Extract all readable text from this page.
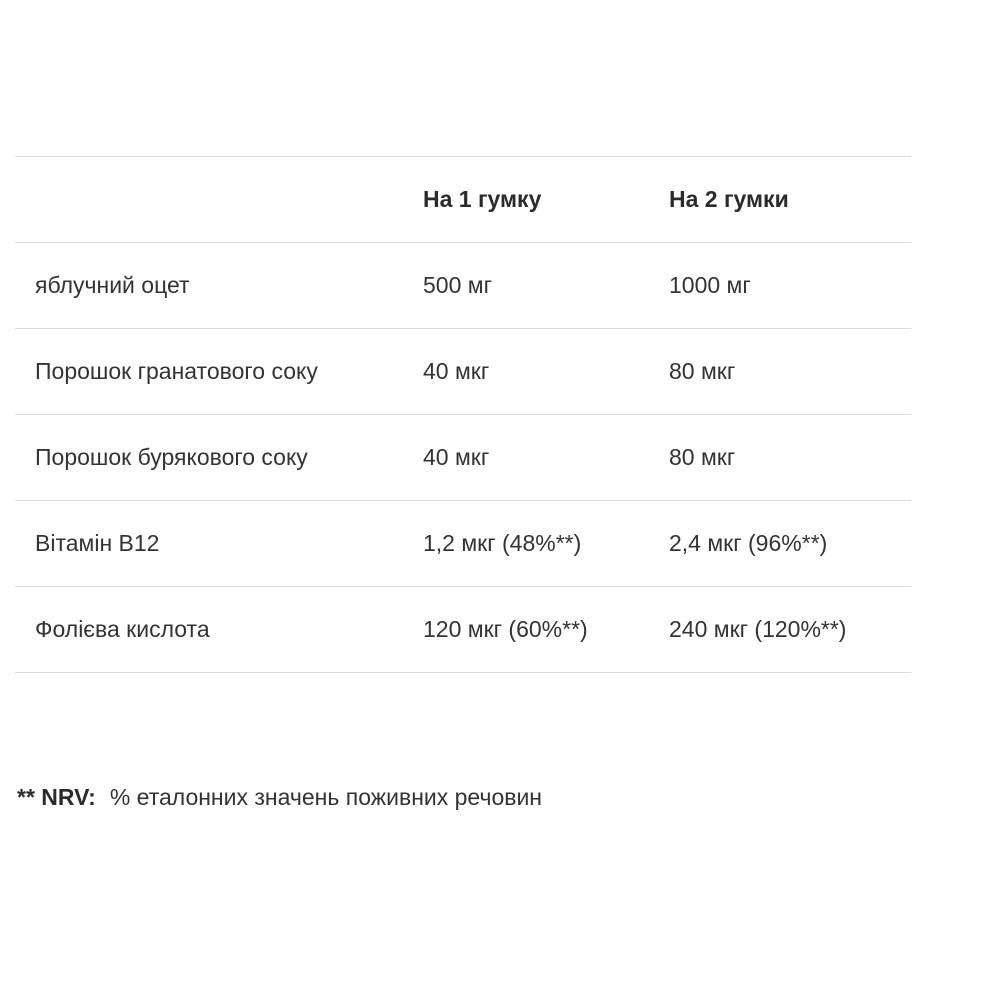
	На 1 гумку	На 2 гумки
яблучний оцет	500 мг	1000 мг
Порошок гранатового соку	40 мкг	80 мкг
Порошок бурякового соку	40 мкг	80 мкг
Вітамін B12	1,2 мкг (48%**)	2,4 мкг (96%**)
Фолієва кислота	120 мкг (60%**)	240 мкг (120%**)
** NRV: % еталонних значень поживних речовин
